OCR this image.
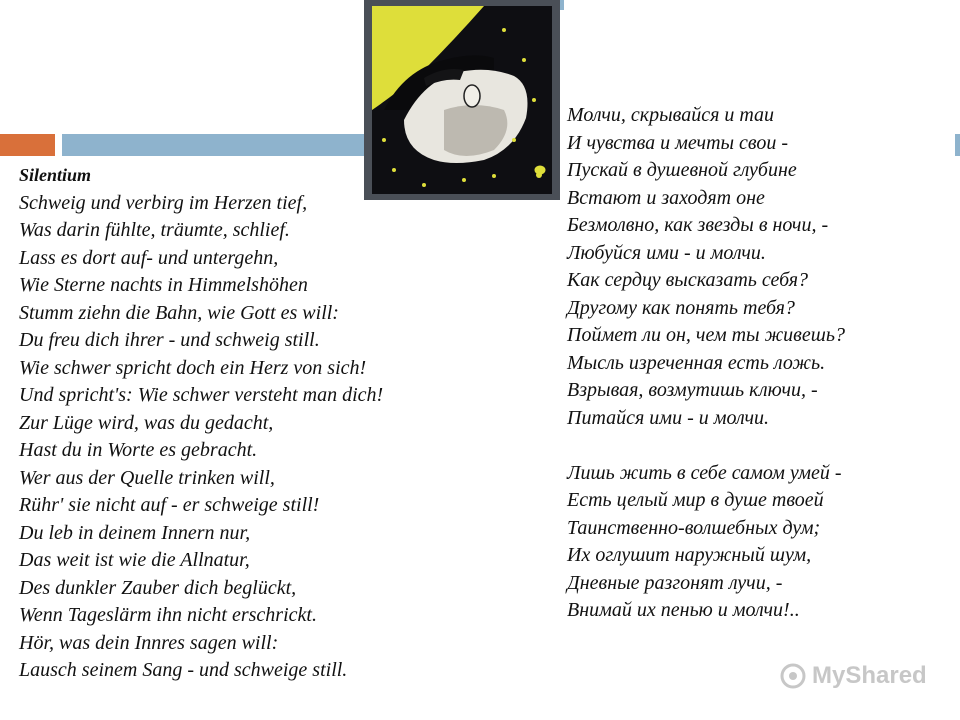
Silentium
Schweig und verbirg im Herzen tief,
Was darin fühlte, träumte, schlief.
Lass es dort auf- und untergehn,
Wie Sterne nachts in Himmelshöhen
Stumm ziehn die Bahn, wie Gott es will:
Du freu dich ihrer - und schweig still.
Wie schwer spricht doch ein Herz von sich!
Und spricht's: Wie schwer versteht man dich!
Zur Lüge wird, was du gedacht,
Hast du in Worte es gebracht.
Wer aus der Quelle trinken will,
Rühr' sie nicht auf - er schweige still!
Du leb in deinem Innern nur,
Das weit ist wie die Allnatur,
Des dunkler Zauber dich beglückt,
Wenn Tageslärm ihn nicht erschrickt.
Hör, was dein Innres sagen will:
Lausch seinem Sang - und schweige still.
Молчи, скрывайся и таи
И чувства и мечты свои -
Пускай в душевной глубине
Встают и заходят оне
Безмолвно, как звезды в ночи, -
Любуйся ими - и молчи.
Как сердцу высказать себя?
Другому как понять тебя?
Поймет ли он, чем ты живешь?
Мысль изреченная есть ложь.
Взрывая, возмутишь ключи, -
Питайся ими - и молчи.
Лишь жить в себе самом умей -
Есть целый мир в душе твоей
Таинственно-волшебных дум;
Их оглушит наружный шум,
Дневные разгонят лучи, -
Внимай их пенью и молчи!..
MyShared
